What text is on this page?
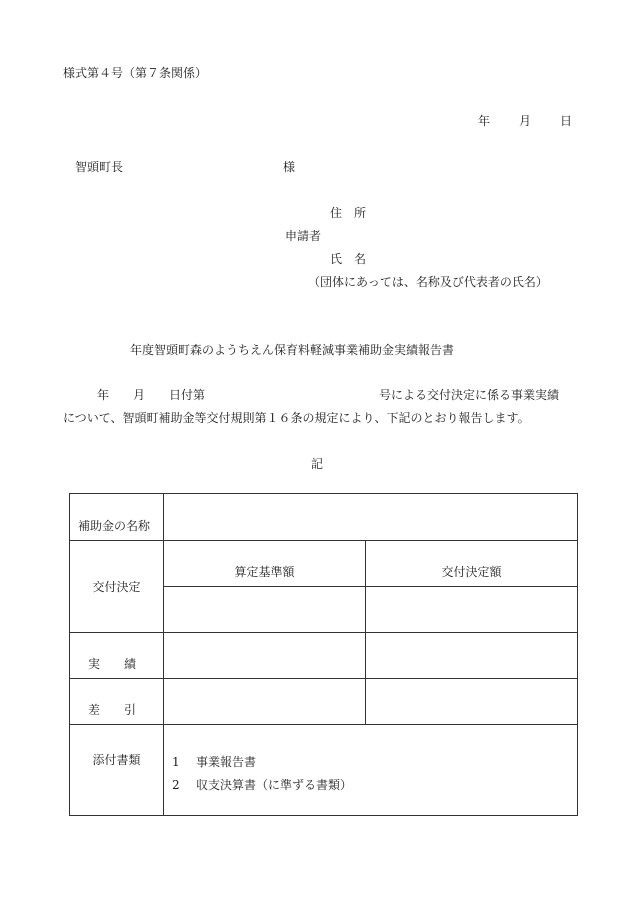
様式第４号（第７条関係）
年 月 日
智頭町長	様
住　所
申請者
氏　名
（団体にあっては、名称及び代表者の氏名）
年度智頭町森のようちえん保育料軽減事業補助金実績報告書
年　　月　　日付第	号による交付決定に係る事業実績
について、智頭町補助金等交付規則第１６条の規定により、下記のとおり報告します。
記
補助金の名称		
交付決定	算定基準額	交付決定額

実　　績		
差　　引		
添付書類	1 事業報告書
2 収支決算書（に準ずる書類）	
